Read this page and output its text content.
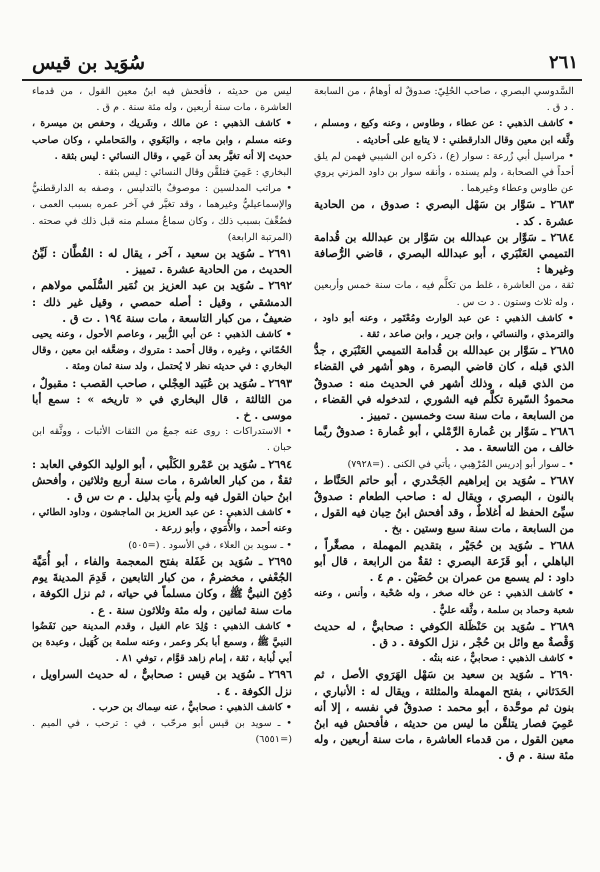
٢٦١
سُوَيد بن قيس

السَّدوسي البصري ، صاحب الحُلِيّ: صدوقٌ له أوهامٌ ، من السابعة . د ق .

• كاشف الذهبي : عن عطاء ، وطاوس ، وعنه وكيع ، ومسلم ، وثَّقه ابن معين وقال الدارقطني : لا يتابع على أحاديثه .

• مراسيل أبي زُرعة : سوار (ع) ، ذكره ابن الشيبي فهمن لم يلق أحداً في الصحابة ، ولم يسنده ، وأنقه سوار بن داود المزني يروي عن طاوس وعطاء وغيرهما .

٢٦٨٣ ـ سَوَّار بن سَهْل البصري : صدوق ، من الحادية عشرة . كد .

٢٦٨٤ ـ سَوَّار بن عبدالله بن سَوَّار بن عبدالله بن قُدامة التميمي العَنْبَري ، أبو عبدالله البصري ، قاضي الرُّصافة وغيرها :

ثقة ، من العاشرة ، غلط من تكلَّم فيه ، مات سنة خمس وأربعين ، وله ثلاث وستون . د ت س .

• كاشف الذهبي : عن عبد الوارث ومُعْتَمِر ، وعنه أبو داود ، والترمذي ، والنسائي ، وابن جرير ، وابن صاعد ، ثقة .

٢٦٨٥ ـ سَوَّار بن عبدالله بن قُدامة التميمي العَنْبَري ، جدُّ الذي قبله ، كان قاضي البصرة ، وهو أشهر في القضاء من الذي قبله ، وذلك أشهر في الحديث منه : صدوقٌ محمودُ السّيرة تكلَّم فيه الشوري ، لتدخوله في القضاء ، من السابعة ، مات سنة ست وخمسين . تمييز .

٢٦٨٦ ـ سَوَّار بن عُمارة الرَّمْلي ، أبو عُمارة : صدوقٌ ربَّما خالف ، من التاسعة . مد .

• ـ سوار أبو إدريس المُرْهِبي ، يأتي في الكنى . (=٧٩٢٨)

٢٦٨٧ ـ سُوَيد بن إبراهيم الجَحْدري ، أبو حاتم الحَنَّاط ، بالنون ، البصري ، ويقال له : صاحب الطعام : صدوقٌ سيِّئ الحفظ له أغلاطٌ ، وقد أفحش ابنُ حِبان فيه القول ، من السابعة ، مات سنة سبع وستين . بخ .

٢٦٨٨ ـ سُوَيد بن حُجَيْر ، بتقديم المهملة ، مصغَّراً ، الباهلي ، أبو قَزَعة البصري : ثقةٌ من الرابعة ، قال أبو داود : لم يسمع من عمران بن حُصَيْن . م ٤ .

• كاشف الذهبي : عن خاله صخر ، وله صُحْبة ، وأنس ، وعنه شعبة وحماد بن سلمة ، وثَّقه عليٌّ .

٢٦٨٩ ـ سُوَيد بن حَنْظَلة الكوفي : صحابيٌّ ، له حديث وَقْصةٌ مع وائل بن حُجْر ، نزل الكوفة . د ق .

• كاشف الذهبي : صحابيٌّ ، عنه بنتُه .

٢٦٩٠ ـ سُوَيد بن سعيد بن سَهْل الهَرَوي الأصل ، ثم الحَدَثاني ، بفتح المهملة والمثلثة ، ويقال له : الأنباري ، بنون ثم موحَّدة ، أبو محمد : صدوقٌ في نفسه ، إلا أنه عَمِيَ فصار يتلقَّن ما ليس من حديثه ، فأفحش فيه ابنُ معين القول ، من قدماء العاشرة ، مات سنة أربعين ، وله مئة سنة . م ق .

ليس من حديثه ، فأفحش فيه ابنُ معين القول ، من قدماء العاشرة ، مات سنة أربعين ، وله مئة سنة . م ق .

• كاشف الذهبي : عن مالك ، وشَريك ، وحفص بن ميسرة ، وعنه مسلم ، وابن ماجه ، والبَغَوي ، والمَحاملي ، وكان صاحب حديث إلا أنه تغيَّر بعد أن عَمِي ، وقال النسائي : ليس بثقة .

البخاري : عَمِيَ فتلقَّن وقال النسائي : ليس بثقة .

• مراتب المدلسين : موصوفٌ بالتدليس ، وصفه به الدارقطنيُّ والإسماعيليُّ وغيرهما ، وقد تغيَّر في آخر عمره بسبب العمى ، فضُعِّفَ بسبب ذلك ، وكان سماعُ مسلم منه قبل ذلك في صحته . (المرتبة الرابعة)

٢٦٩١ ـ سُوَيد بن سعيد ، آخر ، يقال له : القُطَّان : لَيِّنُ الحديث ، من الحادية عشرة . تمييز .

٢٦٩٢ ـ سُوَيد بن عبد العزيز بن نُمَير السُّلَمي مولاهم ، الدمشقي ، وقيل : أصله حمصي ، وقيل غير ذلك : ضعيفٌ ، من كبار التاسعة ، مات سنة ١٩٤ . ت ق .

• كاشف الذهبي : عن أبي الزُّبير ، وعاصم الأحول ، وعنه يحيى الحُمّاني ، وغيره ، وقال أحمد : متروك ، وضعَّفه ابن معين ، وقال البخاري : في حديثه نظر لا يُحتمل ، ولد سنة ثمان ومئة .

٢٦٩٣ ـ سُوَيد بن عُبَيد العِجْلي ، صاحب القصب : مقبولٌ ، من الثالثة ، قال البخاري في « تاريخه » : سمع أبا موسى . خ .

• الاستدراكات : روى عنه جمعٌ من الثقات الأثبات ، ووثَّقه ابن حبان .

٢٦٩٤ ـ سُوَيد بن عَمْرو الكَلْبي ، أبو الوليد الكوفي العابد : ثقةٌ ، من كبار العاشرة ، مات سنة أربع وثلاثين ، وأفحش ابنُ حبان القول فيه ولم يأتِ بدليل . م ت س ق .

• كاشف الذهبي : عن عبد العزيز بن الماجشون ، وداود الطائي ، وعنه أحمد ، والأُمَوي ، وأبو زرعة .

• ـ سويد بن العلاء ، في الأسود . (=٥٠٥)

٢٦٩٥ ـ سُوَيد بن غَفَلة بفتح المعجمة والفاء ، أبو أُمَيَّة الجُعْفي ، مخضرمٌ ، من كبار التابعين ، قَدِمَ المدينةَ يوم دُفِنَ النبيُّ ﷺ ، وكان مسلماً في حياته ، ثم نزل الكوفة ، مات سنة ثمانين ، وله مئة وثلاثون سنة . ع .

• كاشف الذهبي : وُلِدَ عام الفيل ، وقدم المدينة حين نَفَضُوا النبيَّ ﷺ ، وسمع أبا بكر وعمر ، وعنه سلمة بن كُهَيل ، وعبدة بن أبي لُبابة ، ثقة ، إمام زاهد قوَّام ، توفي ٨١ .

٢٦٩٦ ـ سُوَيد بن قيس : صحابيٌّ ، له حديث السراويل ، نزل الكوفة . ٤ .

• كاشف الذهبي : صحابيٌّ ، عنه سِماك بن حرب .

• ـ سويد بن قيس أبو مرحّب ، في : ترحب ، في الميم . (=٦٥٥١)
